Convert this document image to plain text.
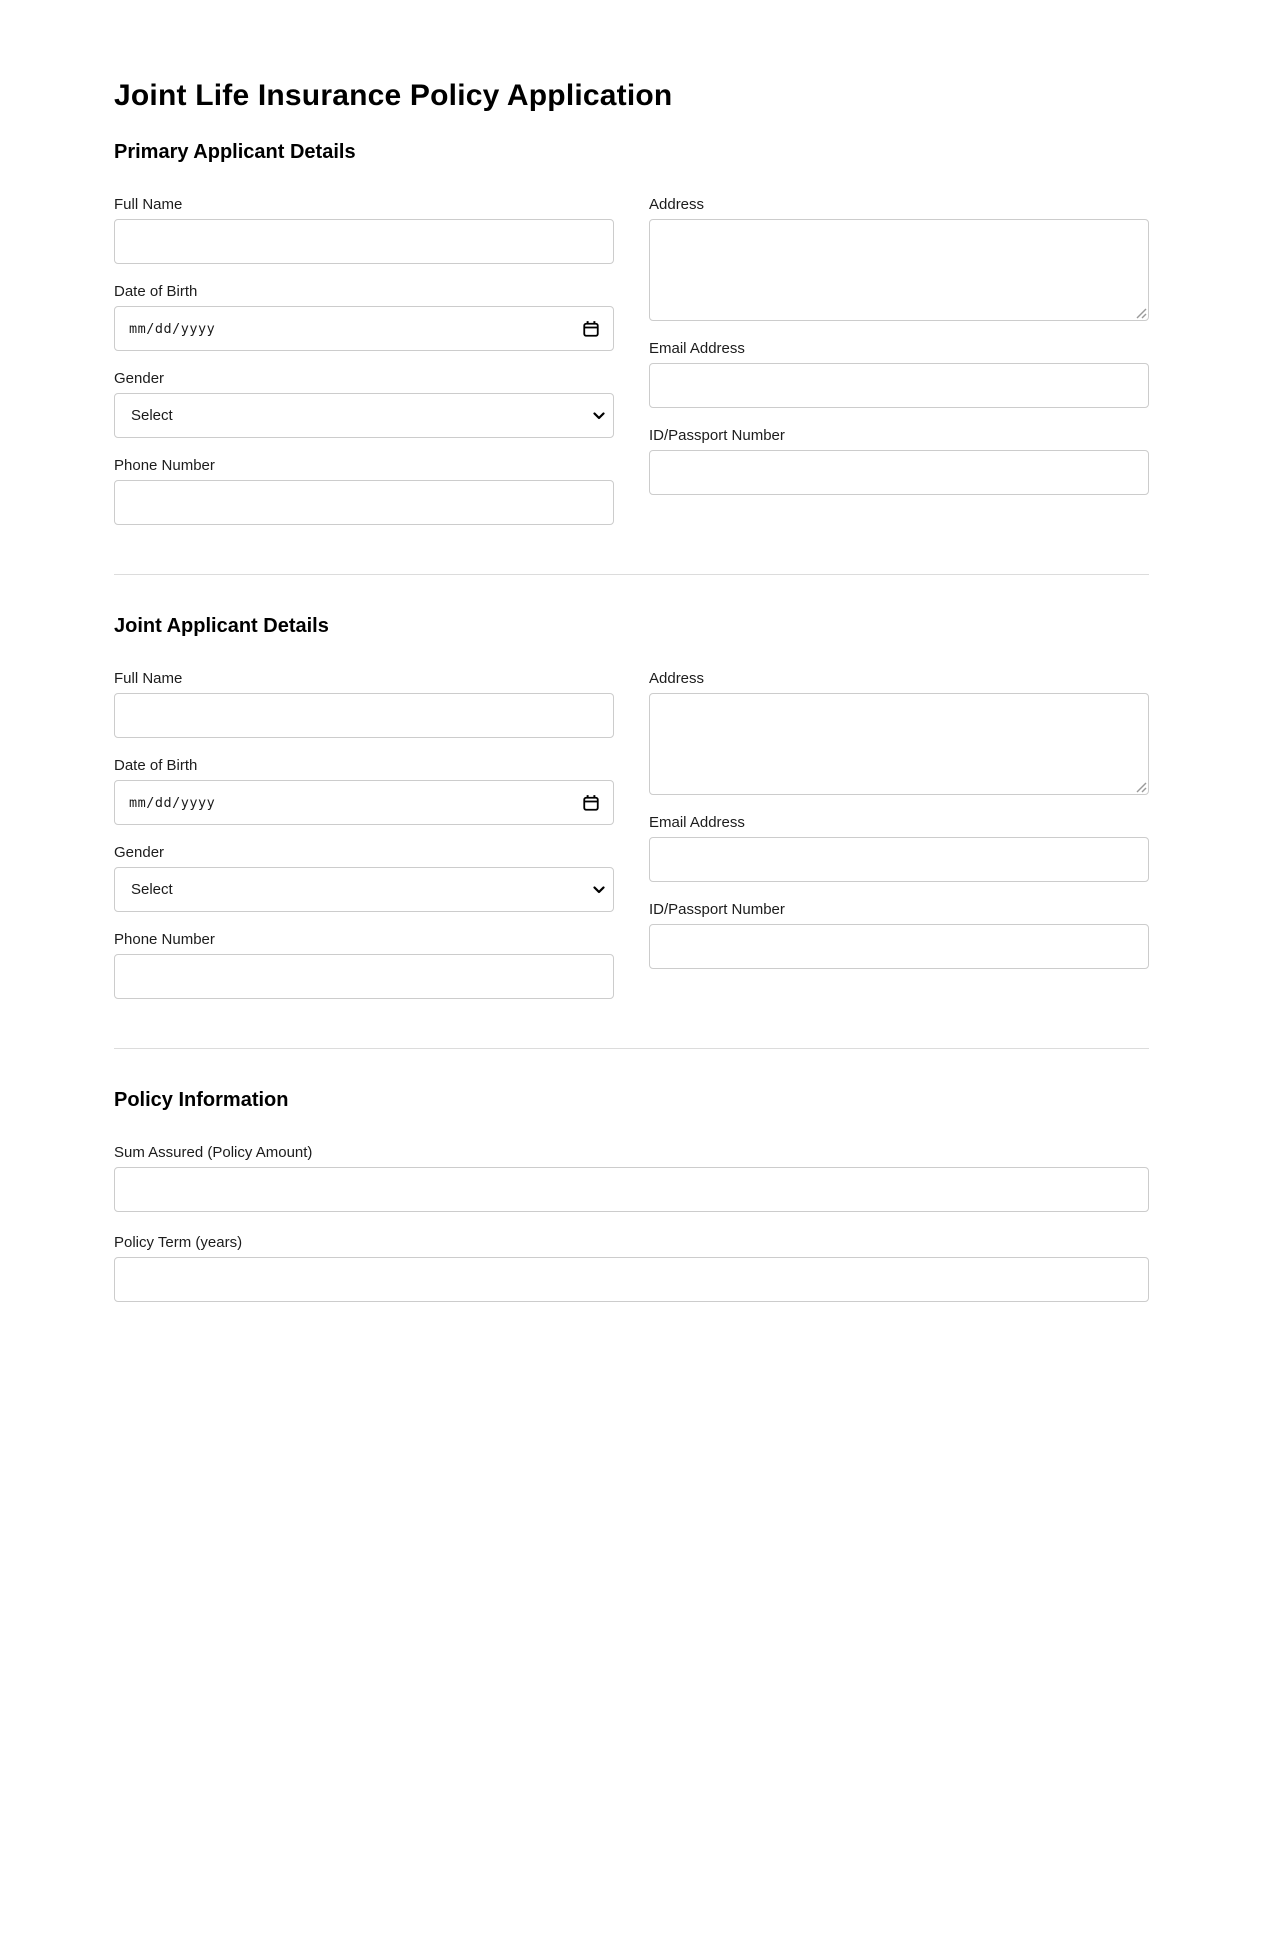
Joint Life Insurance Policy Application
Primary Applicant Details
Full Name
Date of Birth
mm/dd/yyyy
Gender
Select
Phone Number
Address
Email Address
ID/Passport Number
Joint Applicant Details
Full Name
Date of Birth
mm/dd/yyyy
Gender
Select
Phone Number
Address
Email Address
ID/Passport Number
Policy Information
Sum Assured (Policy Amount)
Policy Term (years)
